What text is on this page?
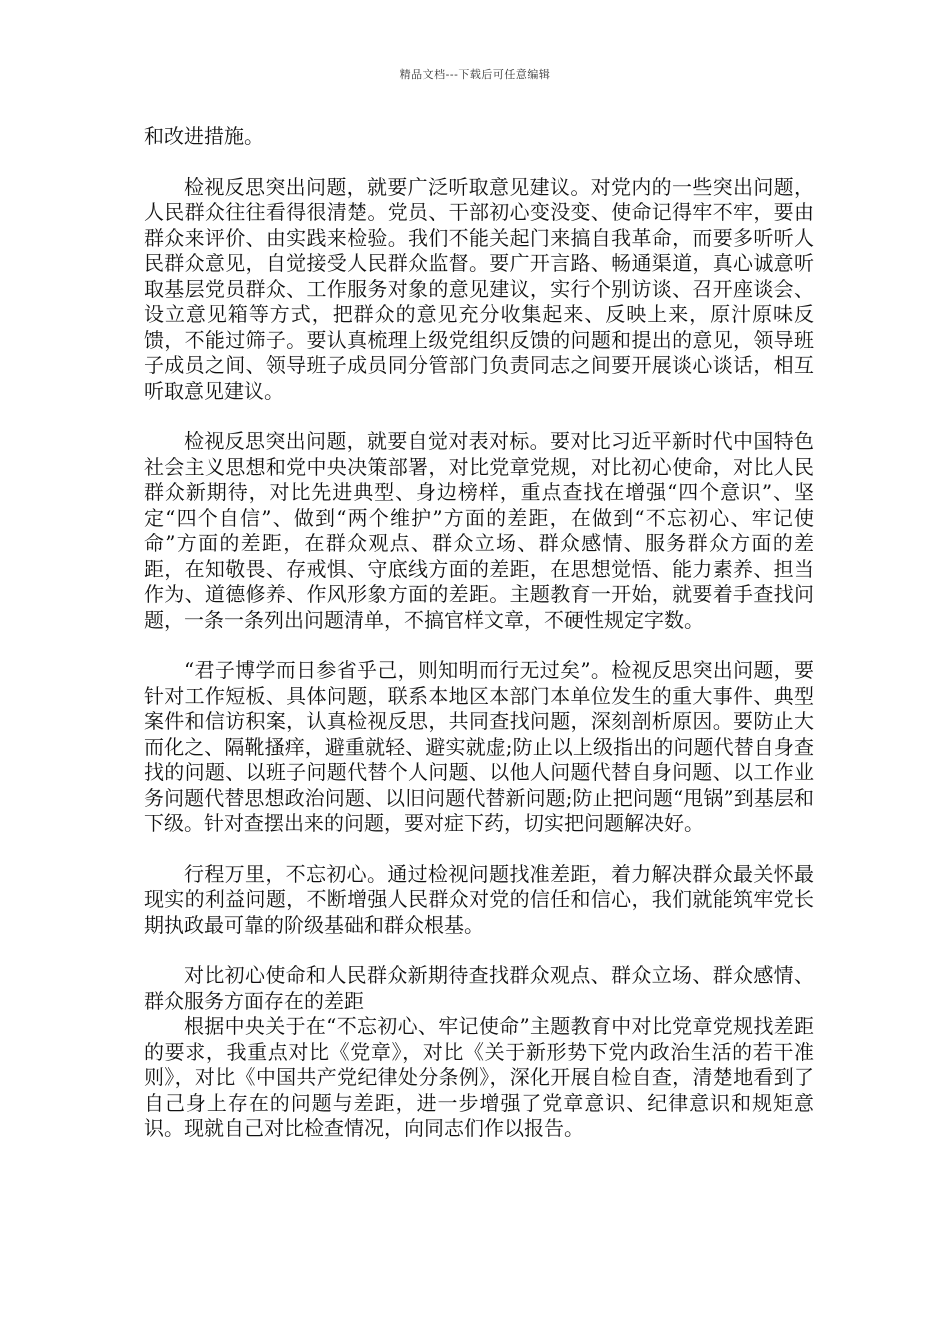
精品文档---下载后可任意编辑

和改进措施。

检视反思突出问题，就要广泛听取意见建议。对党内的一些突出问题，人民群众往往看得很清楚。党员、干部初心变没变、使命记得牢不牢，要由群众来评价、由实践来检验。我们不能关起门来搞自我革命，而要多听听人民群众意见，自觉接受人民群众监督。要广开言路、畅通渠道，真心诚意听取基层党员群众、工作服务对象的意见建议，实行个别访谈、召开座谈会、设立意见箱等方式，把群众的意见充分收集起来、反映上来，原汁原味反馈，不能过筛子。要认真梳理上级党组织反馈的问题和提出的意见，领导班子成员之间、领导班子成员同分管部门负责同志之间要开展谈心谈话，相互听取意见建议。

检视反思突出问题，就要自觉对表对标。要对比习近平新时代中国特色社会主义思想和党中央决策部署，对比党章党规，对比初心使命，对比人民群众新期待，对比先进典型、身边榜样，重点查找在增强“四个意识”、坚定“四个自信”、做到“两个维护”方面的差距，在做到“不忘初心、牢记使命”方面的差距，在群众观点、群众立场、群众感情、服务群众方面的差距，在知敬畏、存戒惧、守底线方面的差距，在思想觉悟、能力素养、担当作为、道德修养、作风形象方面的差距。主题教育一开始，就要着手查找问题，一条一条列出问题清单，不搞官样文章，不硬性规定字数。

“君子博学而日参省乎己，则知明而行无过矣”。检视反思突出问题，要针对工作短板、具体问题，联系本地区本部门本单位发生的重大事件、典型案件和信访积案，认真检视反思，共同查找问题，深刻剖析原因。要防止大而化之、隔靴搔痒，避重就轻、避实就虚;防止以上级指出的问题代替自身查找的问题、以班子问题代替个人问题、以他人问题代替自身问题、以工作业务问题代替思想政治问题、以旧问题代替新问题;防止把问题“甩锅”到基层和下级。针对查摆出来的问题，要对症下药，切实把问题解决好。

行程万里，不忘初心。通过检视问题找准差距，着力解决群众最关怀最现实的利益问题，不断增强人民群众对党的信任和信心，我们就能筑牢党长期执政最可靠的阶级基础和群众根基。

对比初心使命和人民群众新期待查找群众观点、群众立场、群众感情、群众服务方面存在的差距

根据中央关于在“不忘初心、牢记使命”主题教育中对比党章党规找差距的要求，我重点对比《党章》，对比《关于新形势下党内政治生活的若干准则》，对比《中国共产党纪律处分条例》，深化开展自检自查，清楚地看到了自己身上存在的问题与差距，进一步增强了党章意识、纪律意识和规矩意识。现就自己对比检查情况，向同志们作以报告。
